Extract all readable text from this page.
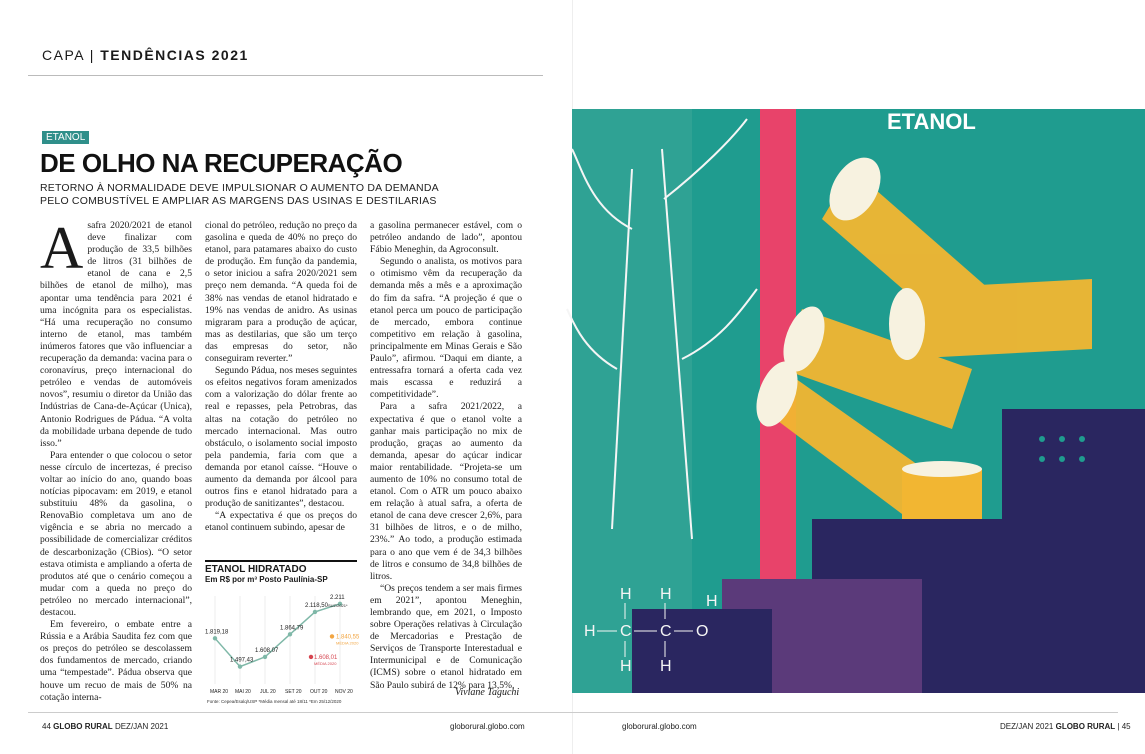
CAPA | TENDÊNCIAS 2021
ETANOL
DE OLHO NA RECUPERAÇÃO
RETORNO À NORMALIDADE DEVE IMPULSIONAR O AUMENTO DA DEMANDA PELO COMBUSTÍVEL E AMPLIAR AS MARGENS DAS USINAS E DESTILARIAS

Asafra 2020/2021 de etanol deve finalizar com produção de 33,5 bilhões de litros (31 bilhões de etanol de cana e 2,5 bilhões de etanol de milho), mas apontar uma tendência para 2021 é uma incógnita para os especialistas. “Há uma recuperação no consumo interno de etanol, mas também inúmeros fatores que vão influenciar a recuperação da demanda: vacina para o coronavírus, preço internacional do petróleo e vendas de automóveis novos”, resumiu o diretor da União das Indústrias de Cana-de-Açúcar (Unica), Antonio Rodrigues de Pádua. “A volta da mobilidade urbana depende de tudo isso.”

Para entender o que colocou o setor nesse círculo de incertezas, é preciso voltar ao início do ano, quando boas notícias pipocavam: em 2019, e etanol substituiu 48% da gasolina, o RenovaBio completava um ano de vigência e se abria no mercado a possibilidade de comercializar créditos de descarbonização (CBios). “O setor estava otimista e ampliando a oferta de produtos até que o cenário começou a mudar com a queda no preço do petróleo no mercado internacional”, destacou.

Em fevereiro, o embate entre a Rússia e a Arábia Saudita fez com que os preços do petróleo se descolassem dos fundamentos de mercado, criando uma “tempestade”. Pádua observa que houve um recuo de mais de 50% na cotação interna-

cional do petróleo, redução no preço da gasolina e queda de 40% no preço do etanol, para patamares abaixo do custo de produção. Em função da pandemia, o setor iniciou a safra 2020/2021 sem preço nem demanda. “A queda foi de 38% nas vendas de etanol hidratado e 19% nas vendas de anidro. As usinas migraram para a produção de açúcar, mas as destilarias, que são um terço das empresas do setor, não conseguiram reverter.”

Segundo Pádua, nos meses seguintes os efeitos negativos foram amenizados com a valorização do dólar frente ao real e repasses, pela Petrobras, das altas na cotação do petróleo no mercado internacional. Mas outro obstáculo, o isolamento social imposto pela pandemia, faria com que a demanda por etanol caísse. “Houve o aumento da demanda por álcool para outros fins e etanol hidratado para a produção de sanitizantes”, destacou.

“A expectativa é que os preços do etanol continuem subindo, apesar de

ETANOL HIDRATADO
Em R$ por m³ Posto Paulínia-SP
1.819,18
1.497,43
1.608,07
1.864,79
2.118,50
2.211
MAR 20 MAI 20 JUL 20 SET 20 OUT 20 NOV 20
1.840,55
MÉDIA 2020
1.608,01
MÉDIA 2020
SUZ/2021*
Fonte: Cepea/Esalq/USP *Média mensal até 18/11 *Em 25/12/2020

a gasolina permanecer estável, com o petróleo andando de lado”, apontou Fábio Meneghin, da Agroconsult.

Segundo o analista, os motivos para o otimismo vêm da recuperação da demanda mês a mês e a aproximação do fim da safra. “A projeção é que o etanol perca um pouco de participação de mercado, embora continue competitivo em relação à gasolina, principalmente em Minas Gerais e São Paulo”, afirmou. “Daqui em diante, a entressafra tornará a oferta cada vez mais escassa e reduzirá a competitividade”.

Para a safra 2021/2022, a expectativa é que o etanol volte a ganhar mais participação no mix de produção, graças ao aumento da demanda, apesar do açúcar indicar maior rentabilidade. “Projeta-se um aumento de 10% no consumo total de etanol. Com o ATR um pouco abaixo em relação à atual safra, a oferta de etanol de cana deve crescer 2,6%, para 31 bilhões de litros, e o de milho, 23%.” Ao todo, a produção estimada para o ano que vem é de 34,3 bilhões de litros e consumo de 34,8 bilhões de litros.

“Os preços tendem a ser mais firmes em 2021”, apontou Meneghin, lembrando que, em 2021, o Imposto sobre Operações relativas à Circulação de Mercadorias e Prestação de Serviços de Transporte Interestadual e Intermunicipal e de Comunicação (ICMS) sobre o etanol hidratado em São Paulo subirá de 12% para 13,5%.

Viviane Taguchi
ETANOL
H H H
H C C O
H H
44 GLOBO RURAL DEZ/JAN 2021	globorural.globo.com	globorural.globo.com	DEZ/JAN 2021 GLOBO RURAL | 45
